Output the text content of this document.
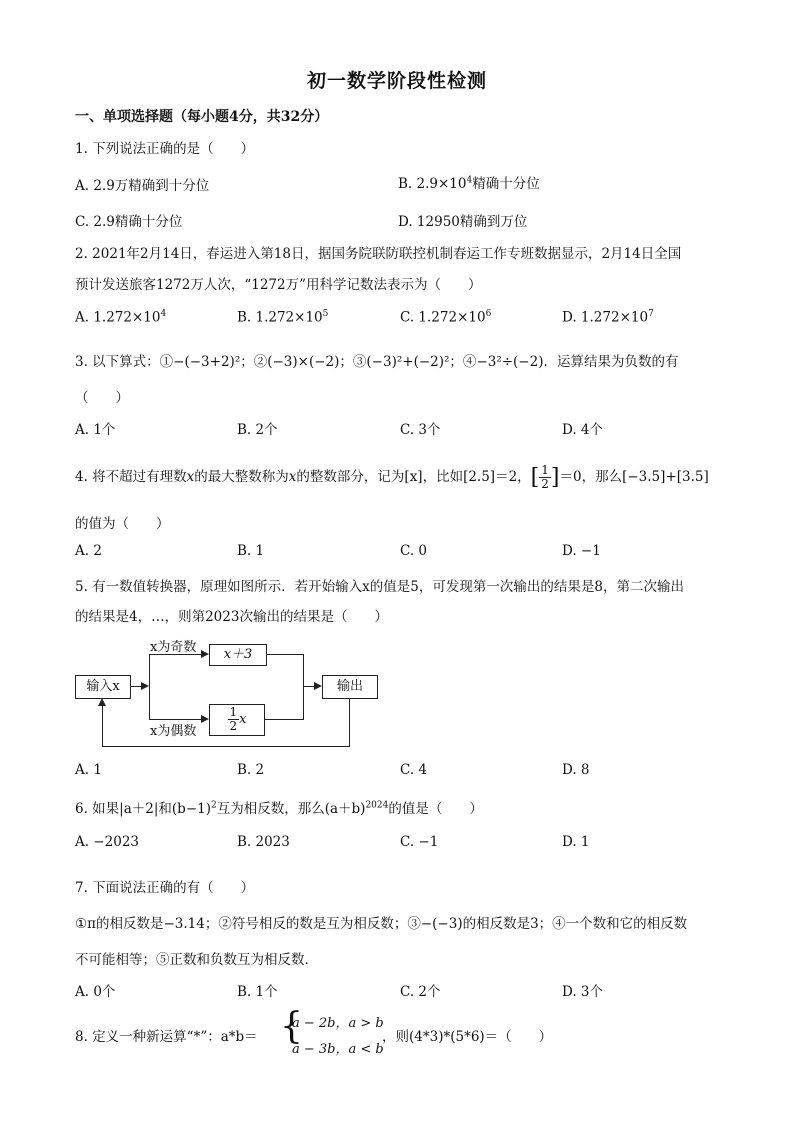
初一数学阶段性检测
一、单项选择题（每小题4分，共32分）
1. 下列说法正确的是（　　）
A. 2.9万精确到十分位	B. $2.9\times 10^4$精确十分位
C. 2.9精确十分位	D. 12950精确到万位
2. 2021年2月14日，春运进入第18日，据国务院联防联控机制春运工作专班数据显示，2月14日全国
预计发送旅客1272万人次，“1272万”用科学记数法表示为（　　）
A. $1.272\times 10^4$	B. $1.272\times 10^5$	C. $1.272\times 10^6$	D. $1.272\times 10^7$
3. 以下算式：①−(−3+2)²；②(−3)×(−2)；③(−3)²+(−2)²；④−3²÷(−2)．运算结果为负数的有
（　　）
A. 1个	B. 2个	C. 3个	D. 4个
4. 将不超过有理数x的最大整数称为x的整数部分，记为[x]，比如[2.5]＝2，[ $\frac{1}{2} ]=0$，那么[−3.5]+[3.5]
的值为（　　）
A. 2	B. 1	C. 0	D. −1
5. 有一数值转换器，原理如图所示．若开始输入x的值是5，可发现第一次输出的结果是8，第二次输出
的结果是4，…，则第2023次输出的结果是（　　）
输入x
x＋3
$\frac{1}{2}$ x
输出
x为奇数
x为偶数
A. 1	B. 2	C. 4	D. 8
6. 如果|a＋2|和$(b-1)^2$互为相反数，那么$(a+b)^{2024}$的值是（　　）
A. −2023	B. 2023	C. −1	D. 1
7. 下面说法正确的有（　　）
①π的相反数是−3.14；②符号相反的数是互为相反数；③−(−3)的相反数是3；④一个数和它的相反数
不可能相等；⑤正数和负数互为相反数．
A. 0个	B. 1个	C. 2个	D. 3个
8. 定义一种新运算“*”：a*b＝ {
a − 2b，a > b
a − 3b，a < b
，则(4*3)*(5*6)＝（　　）
